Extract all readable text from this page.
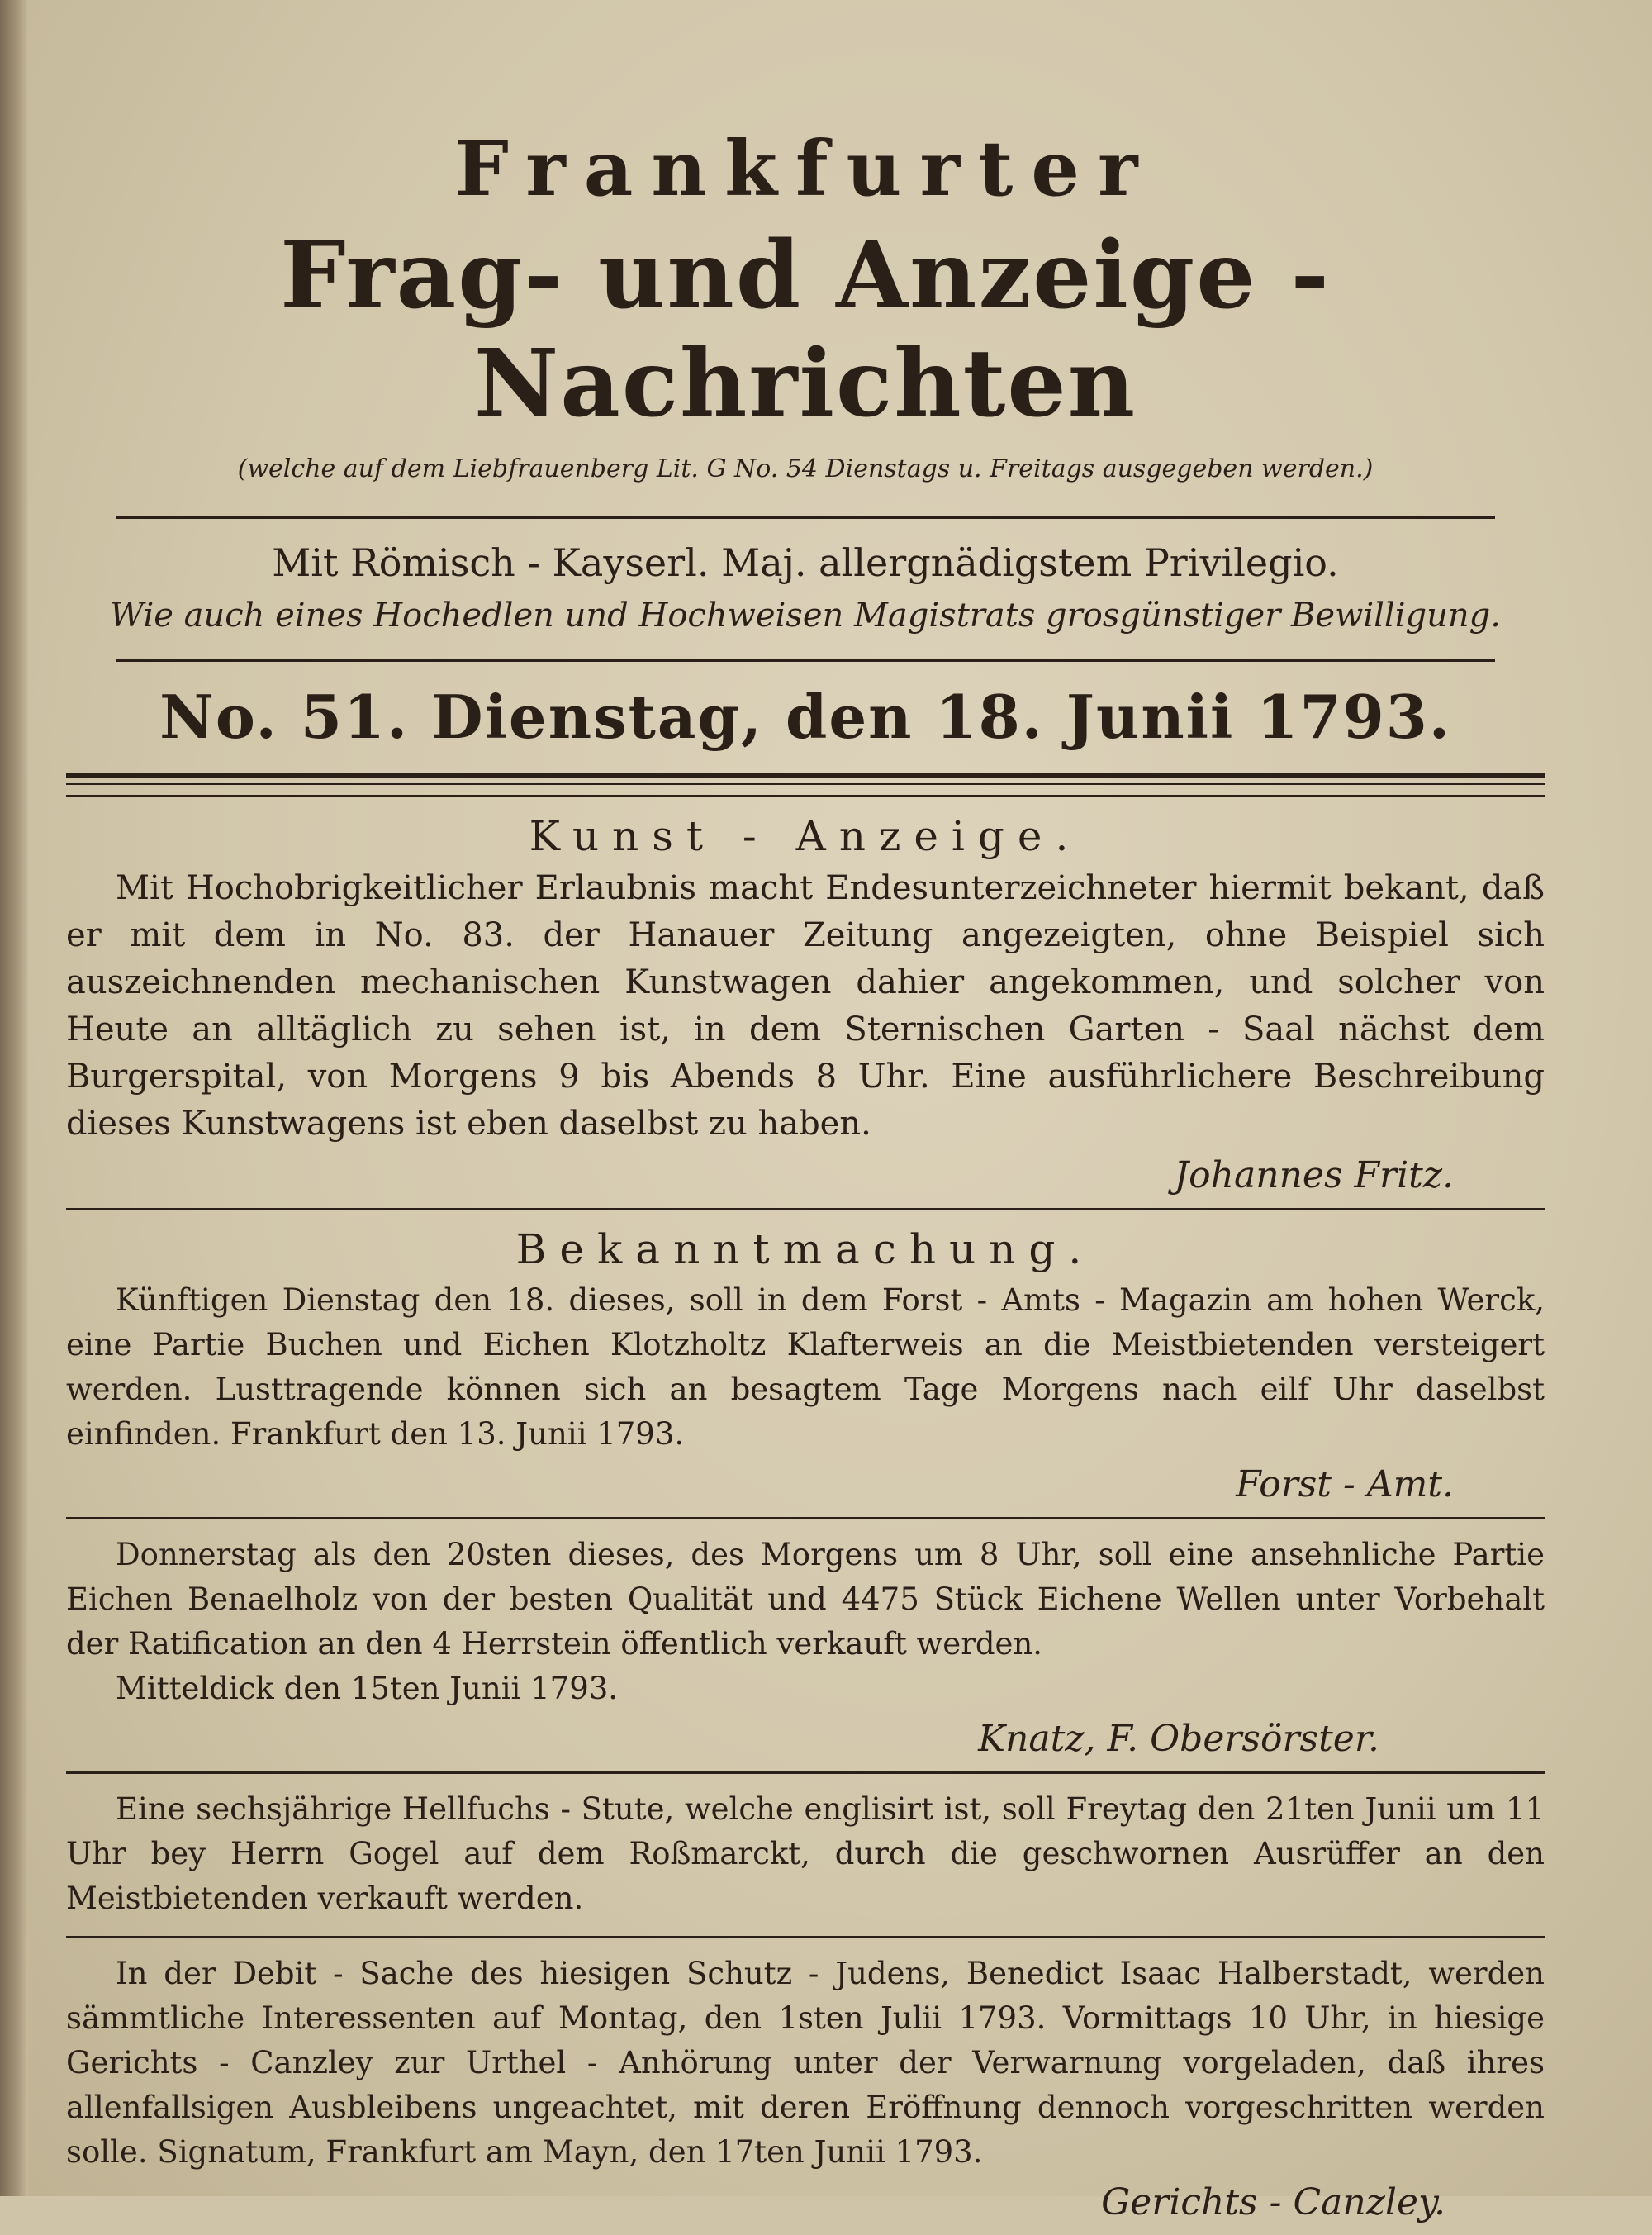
Frankfurter

Frag- und Anzeige - Nachrichten

(welche auf dem Liebfrauenberg Lit. G No. 54 Dienstags u. Freitags ausgegeben werden.)

Mit Römisch - Kayserl. Maj. allergnädigstem Privilegio.

Wie auch eines Hochedlen und Hochweisen Magistrats grosgünstiger Bewilligung.

No. 51. Dienstag, den 18. Junii 1793.

Kunst - Anzeige.

Mit Hochobrigkeitlicher Erlaubnis macht Endesunterzeichneter hiermit bekant, daß er mit dem in No. 83. der Hanauer Zeitung angezeigten, ohne Beispiel sich auszeichnenden mechanischen Kunstwagen dahier angekommen, und solcher von Heute an alltäglich zu sehen ist, in dem Sternischen Garten - Saal nächst dem Burgerspital, von Morgens 9 bis Abends 8 Uhr. Eine ausführlichere Beschreibung dieses Kunstwagens ist eben daselbst zu haben.

Johannes Fritz.

Bekanntmachung.

Künftigen Dienstag den 18. dieses, soll in dem Forst - Amts - Magazin am hohen Werck, eine Partie Buchen und Eichen Klotzholtz Klafterweis an die Meistbietenden versteigert werden. Lusttragende können sich an besagtem Tage Morgens nach eilf Uhr daselbst einfinden. Frankfurt den 13. Junii 1793.

Forst - Amt.

Donnerstag als den 20sten dieses, des Morgens um 8 Uhr, soll eine ansehnliche Partie Eichen Benaelholz von der besten Qualität und 4475 Stück Eichene Wellen unter Vorbehalt der Ratification an den 4 Herrstein öffentlich verkauft werden.

Mitteldick den 15ten Junii 1793.

Knatz, F. Obersörster.

Eine sechsjährige Hellfuchs - Stute, welche englisirt ist, soll Freytag den 21ten Junii um 11 Uhr bey Herrn Gogel auf dem Roßmarckt, durch die geschwornen Ausrüffer an den Meistbietenden verkauft werden.

In der Debit - Sache des hiesigen Schutz - Judens, Benedict Isaac Halberstadt, werden sämmtliche Interessenten auf Montag, den 1sten Julii 1793. Vormittags 10 Uhr, in hiesige Gerichts - Canzley zur Urthel - Anhörung unter der Verwarnung vorgeladen, daß ihres allenfallsigen Ausbleibens ungeachtet, mit deren Eröffnung dennoch vorgeschritten werden solle. Signatum, Frankfurt am Mayn, den 17ten Junii 1793.

Gerichts - Canzley.
